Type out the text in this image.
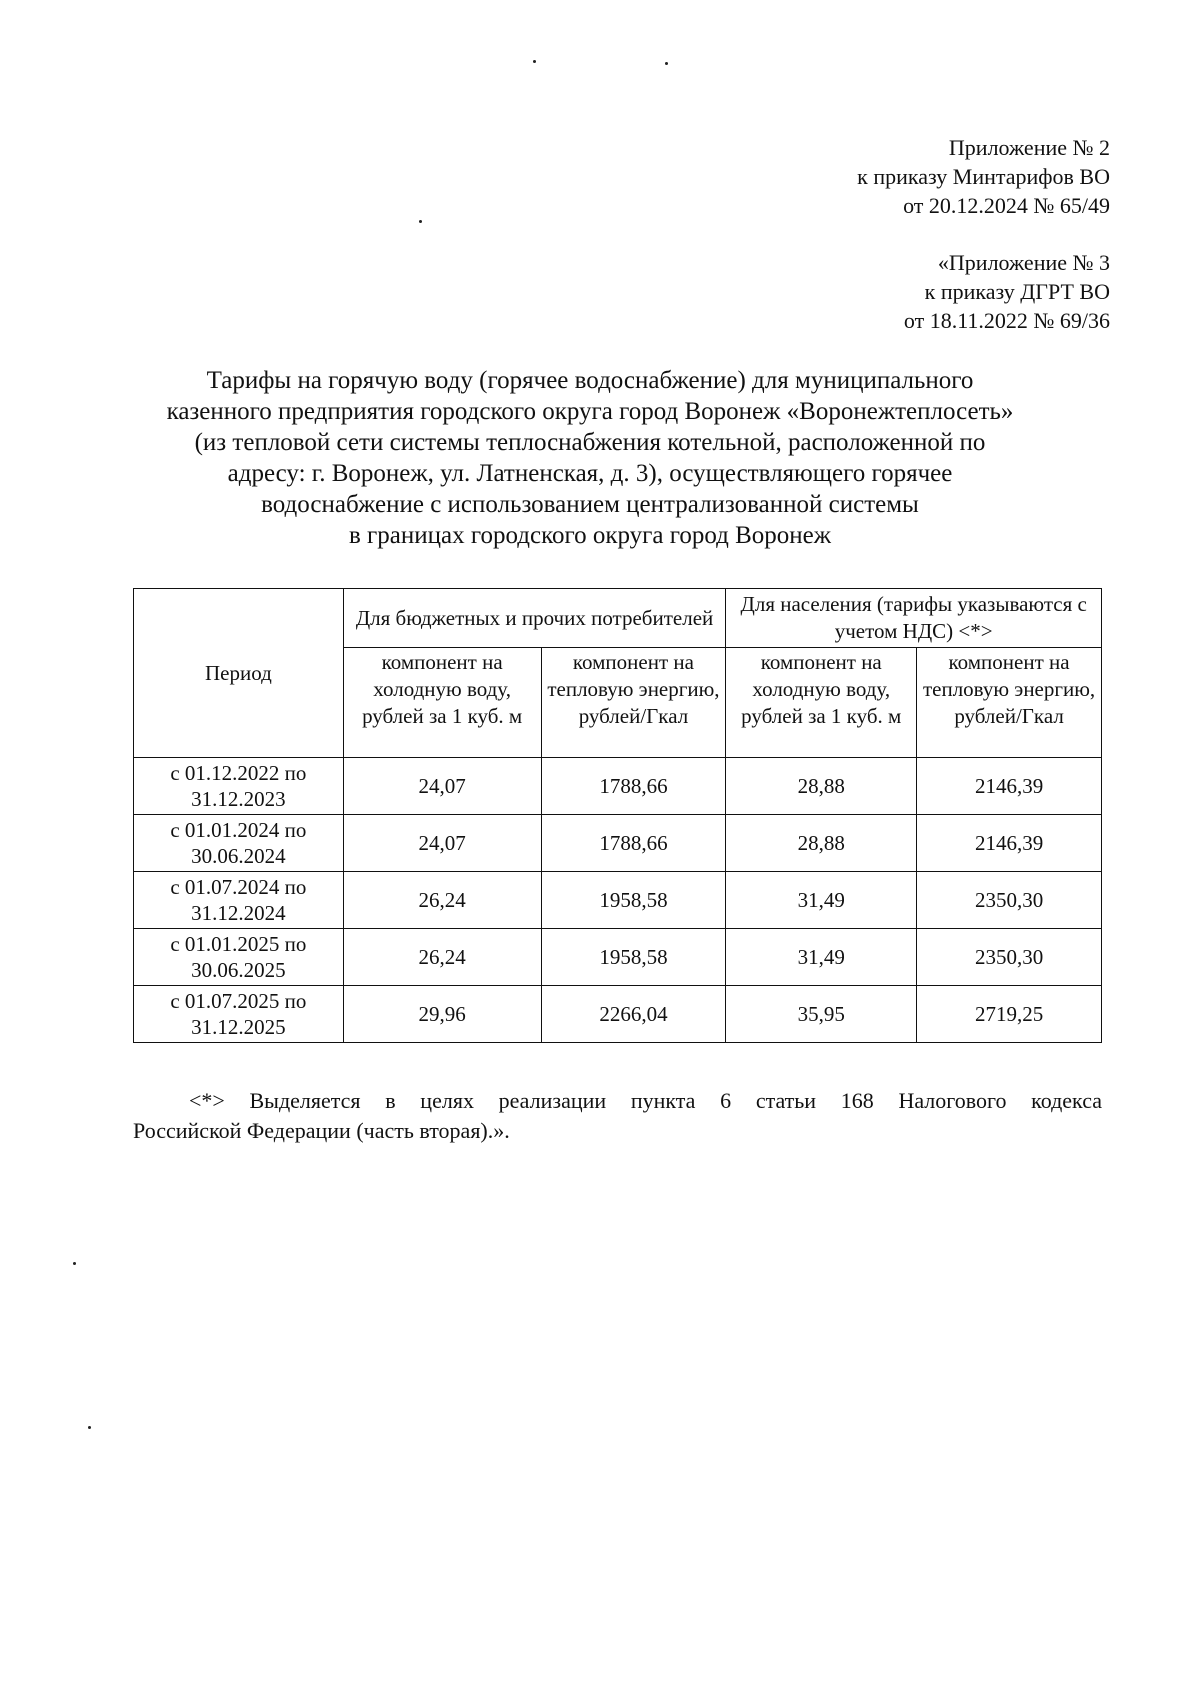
Приложение № 2
к приказу Минтарифов ВО
от 20.12.2024 № 65/49
«Приложение № 3
к приказу ДГРТ ВО
от 18.11.2022 № 69/36
Тарифы на горячую воду (горячее водоснабжение) для муниципального
казенного предприятия городского округа город Воронеж «Воронежтеплосеть»
(из тепловой сети системы теплоснабжения котельной, расположенной по
адресу: г. Воронеж, ул. Латненская, д. 3), осуществляющего горячее
водоснабжение с использованием централизованной системы
в границах городского округа город Воронеж
Период	Для бюджетных и прочих потребителей		Для населения (тарифы указываются с учетом НДС) <*>	
	компонент на холодную воду, рублей за 1 куб. м	компонент на тепловую энергию, рублей/Гкал	компонент на холодную воду, рублей за 1 куб. м	компонент на тепловую энергию, рублей/Гкал
с 01.12.2022 по 31.12.2023	24,07	1788,66	28,88	2146,39
с 01.01.2024 по 30.06.2024	24,07	1788,66	28,88	2146,39
с 01.07.2024 по 31.12.2024	26,24	1958,58	31,49	2350,30
с 01.01.2025 по 30.06.2025	26,24	1958,58	31,49	2350,30
с 01.07.2025 по 31.12.2025	29,96	2266,04	35,95	2719,25
<*> Выделяется в целях реализации пункта 6 статьи 168 Налогового кодекса
Российской Федерации (часть вторая).».
